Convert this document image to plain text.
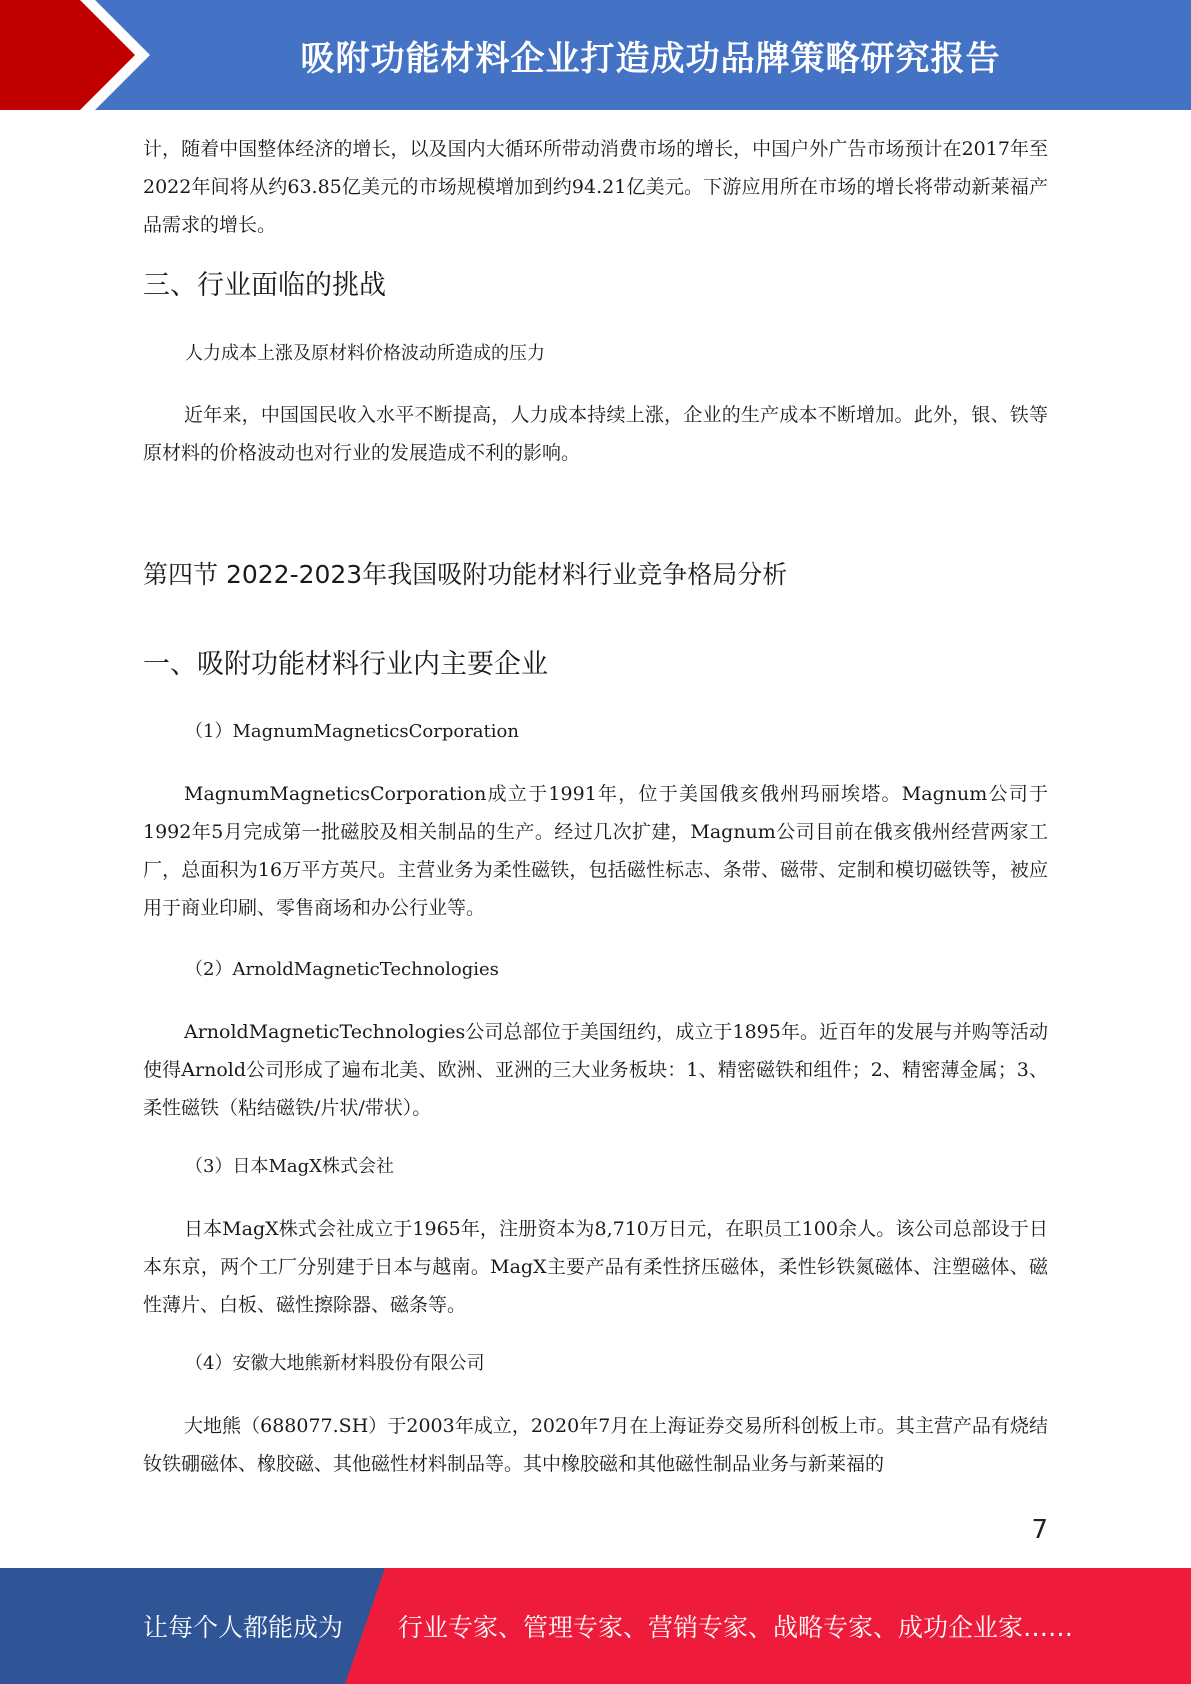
吸附功能材料企业打造成功品牌策略研究报告

计，随着中国整体经济的增长，以及国内大循环所带动消费市场的增长，中国户外广告市场预计在2017年至2022年间将从约63.85亿美元的市场规模增加到约94.21亿美元。下游应用所在市场的增长将带动新莱福产品需求的增长。

三、行业面临的挑战

人力成本上涨及原材料价格波动所造成的压力

近年来，中国国民收入水平不断提高，人力成本持续上涨，企业的生产成本不断增加。此外，银、铁等原材料的价格波动也对行业的发展造成不利的影响。

第四节 2022-2023年我国吸附功能材料行业竞争格局分析
一、吸附功能材料行业内主要企业

（1）MagnumMagneticsCorporation

MagnumMagneticsCorporation成立于1991年，位于美国俄亥俄州玛丽埃塔。Magnum公司于1992年5月完成第一批磁胶及相关制品的生产。经过几次扩建，Magnum公司目前在俄亥俄州经营两家工厂，总面积为16万平方英尺。主营业务为柔性磁铁，包括磁性标志、条带、磁带、定制和模切磁铁等，被应用于商业印刷、零售商场和办公行业等。

（2）ArnoldMagneticTechnologies

ArnoldMagneticTechnologies公司总部位于美国纽约，成立于1895年。近百年的发展与并购等活动使得Arnold公司形成了遍布北美、欧洲、亚洲的三大业务板块：1、精密磁铁和组件；2、精密薄金属；3、柔性磁铁（粘结磁铁/片状/带状）。

（3）日本MagX株式会社

日本MagX株式会社成立于1965年，注册资本为8,710万日元，在职员工100余人。该公司总部设于日本东京，两个工厂分别建于日本与越南。MagX主要产品有柔性挤压磁体，柔性钐铁氮磁体、注塑磁体、磁性薄片、白板、磁性擦除器、磁条等。

（4）安徽大地熊新材料股份有限公司

大地熊（688077.SH）于2003年成立，2020年7月在上海证券交易所科创板上市。其主营产品有烧结钕铁硼磁体、橡胶磁、其他磁性材料制品等。其中橡胶磁和其他磁性制品业务与新莱福的

7
让每个人都能成为 行业专家、管理专家、营销专家、战略专家、成功企业家……
